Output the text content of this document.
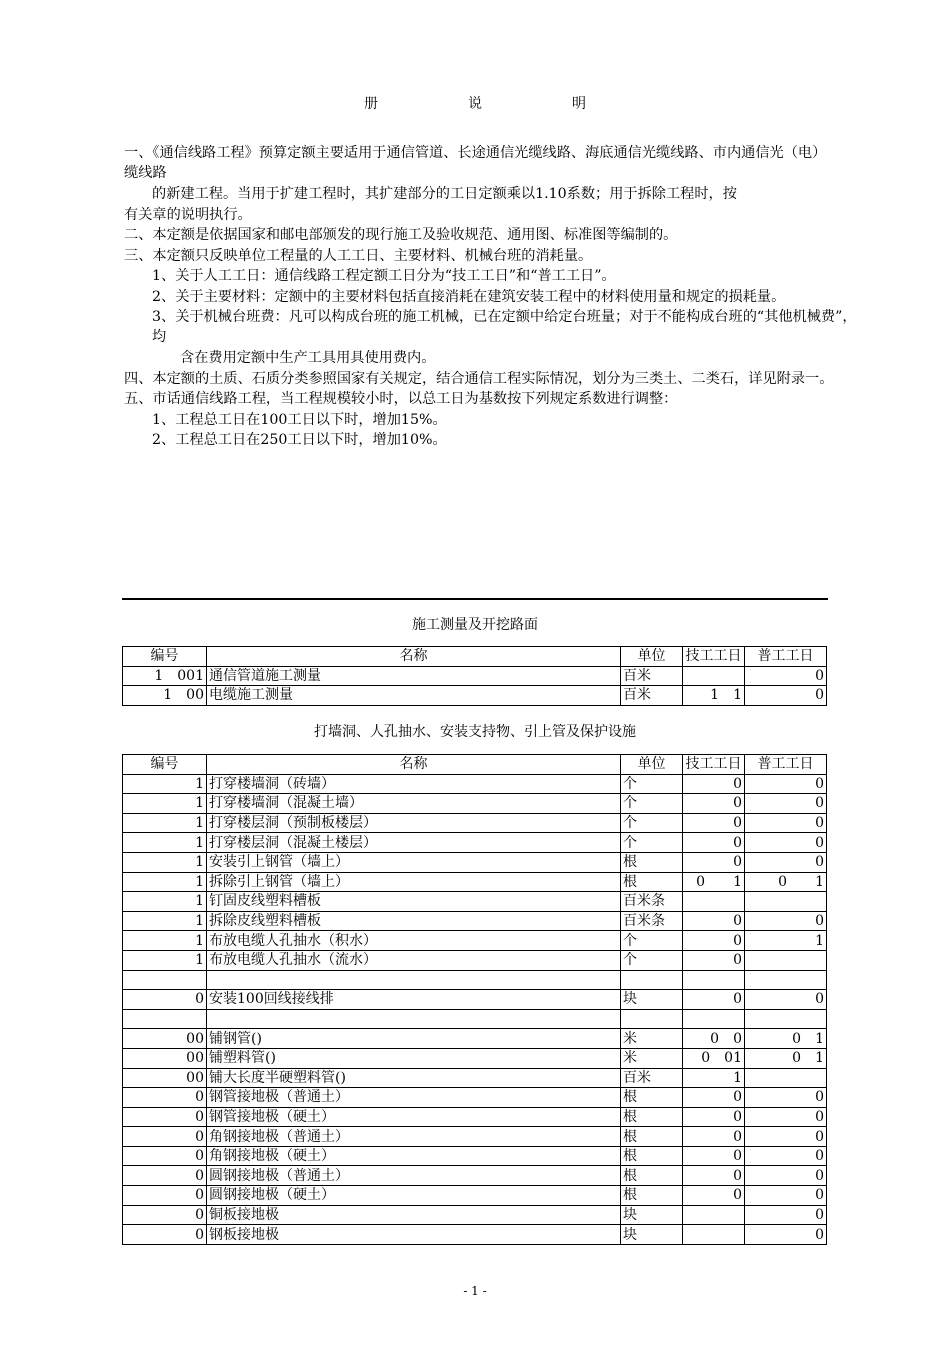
册　说　明
一、《通信线路工程》预算定额主要适用于通信管道、长途通信光缆线路、海底通信光缆线路、市内通信光（电）缆线路
的新建工程。当用于扩建工程时，其扩建部分的工日定额乘以1.10系数；用于拆除工程时，按
有关章的说明执行。
二、本定额是依据国家和邮电部颁发的现行施工及验收规范、通用图、标准图等编制的。
三、本定额只反映单位工程量的人工工日、主要材料、机械台班的消耗量。
1、关于人工工日：通信线路工程定额工日分为“技工工日”和“普工工日”。
2、关于主要材料：定额中的主要材料包括直接消耗在建筑安装工程中的材料使用量和规定的损耗量。
3、关于机械台班费：凡可以构成台班的施工机械，已在定额中给定台班量；对于不能构成台班的“其他机械费”，均
含在费用定额中生产工具用具使用费内。
四、本定额的土质、石质分类参照国家有关规定，结合通信工程实际情况，划分为三类土、二类石，详见附录一。
五、市话通信线路工程，当工程规模较小时，以总工日为基数按下列规定系数进行调整：
1、工程总工日在100工日以下时，增加15%。
2、工程总工日在250工日以下时，增加10%。
施工测量及开挖路面
编号	名称	单位	技工工日	普工工日
1　001	通信管道施工测量	百米		0
1　00	电缆施工测量	百米	1　1	0
打墙洞、人孔抽水、安装支持物、引上管及保护设施
编号	名称	单位	技工工日	普工工日
1	打穿楼墙洞（砖墙）	个	0	0
1	打穿楼墙洞（混凝土墙）	个	0	0
1	打穿楼层洞（预制板楼层）	个	0	0
1	打穿楼层洞（混凝土楼层）	个	0	0
1	安装引上钢管（墙上）	根	0	0
1	拆除引上钢管（墙上）	根	0　　1	0　　1
1	钉固皮线塑料槽板	百米条		
1	拆除皮线塑料槽板	百米条	0	0
1	布放电缆人孔抽水（积水）	个	0	1
1	布放电缆人孔抽水（流水）	个	0	

0	安装100回线接线排	块	0	0

00	铺钢管()	米	0　0	0　1
00	铺塑料管()	米	0　01	0　1
00	铺大长度半硬塑料管()	百米	1	
0	钢管接地极（普通土）	根	0	0
0	钢管接地极（硬土）	根	0	0
0	角钢接地极（普通土）	根	0	0
0	角钢接地极（硬土）	根	0	0
0	圆钢接地极（普通土）	根	0	0
0	圆钢接地极（硬土）	根	0	0
0	铜板接地极	块		0
0	钢板接地极	块		0
- 1 -
